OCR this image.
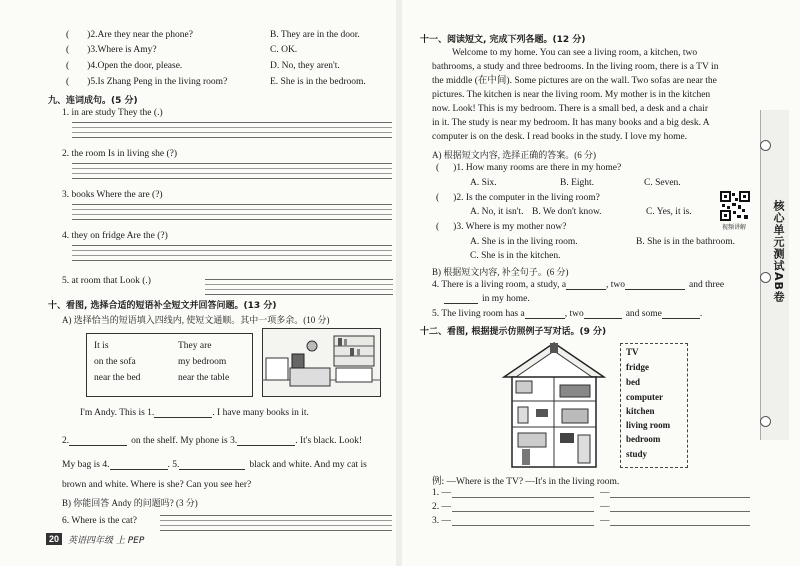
( )2.Are they near the phone?	B. They are in the door.
( )3.Where is Amy?	C. OK.
( )4.Open the door, please.	D. No, they aren't.
( )5.Is Zhang Peng in the living room?	E. She is in the bedroom.
九、连词成句。(5 分)
1. in are study They the (.)
2. the room Is in living she (?)
3. books Where the are (?)
4. they on fridge Are the (?)
5. at room that Look (.)
十、看图, 选择合适的短语补全短文并回答问题。(13 分)
A) 选择恰当的短语填入四线内, 使短文通顺。其中一项多余。(10 分)
It is	They are
on the sofa	my bedroom
near the bed	near the table
I'm Andy. This is 1.	. I have many books in it.
2.	on the shelf. My phone is 3.	. It's black. Look!
My bag is 4.	. 5.	black and white. And my cat is
brown and white. Where is she? Can you see her?
B) 你能回答 Andy 的问题吗? (3 分)
6. Where is the cat?
20	英语四年级 上 PEP
十一、阅读短文, 完成下列各题。(12 分)
Welcome to my home. You can see a living room, a kitchen, two
bathrooms, a study and three bedrooms. In the living room, there is a TV in
the middle (在中间). Some pictures are on the wall. Two sofas are near the
pictures. The kitchen is near the living room. My mother is in the kitchen
now. Look! This is my bedroom. There is a small bed, a desk and a chair
in it. The study is near my bedroom. It has many books and a big desk. A
computer is on the desk. I read books in the study. I love my home.
A) 根据短文内容, 选择正确的答案。(6 分)
( )1. How many rooms are there in my home?
A. Six.	B. Eight.	C. Seven.
( )2. Is the computer in the living room?
A. No, it isn't. B. We don't know.	C. Yes, it is.
( )3. Where is my mother now?
A. She is in the living room.	B. She is in the bathroom.
C. She is in the kitchen.
视频讲解
B) 根据短文内容, 补全句子。(6 分)
4. There is a living room, a study, a	, two	and three
in my home.
5. The living room has a	, two	and some	.
十二、看图, 根据提示仿照例子写对话。(9 分)
TV
fridge
bed
computer
kitchen
living room
bedroom
study
例: —Where is the TV? —It's in the living room.
1. —	—
2. —	—
3. —	—
核心单元测试AB卷
